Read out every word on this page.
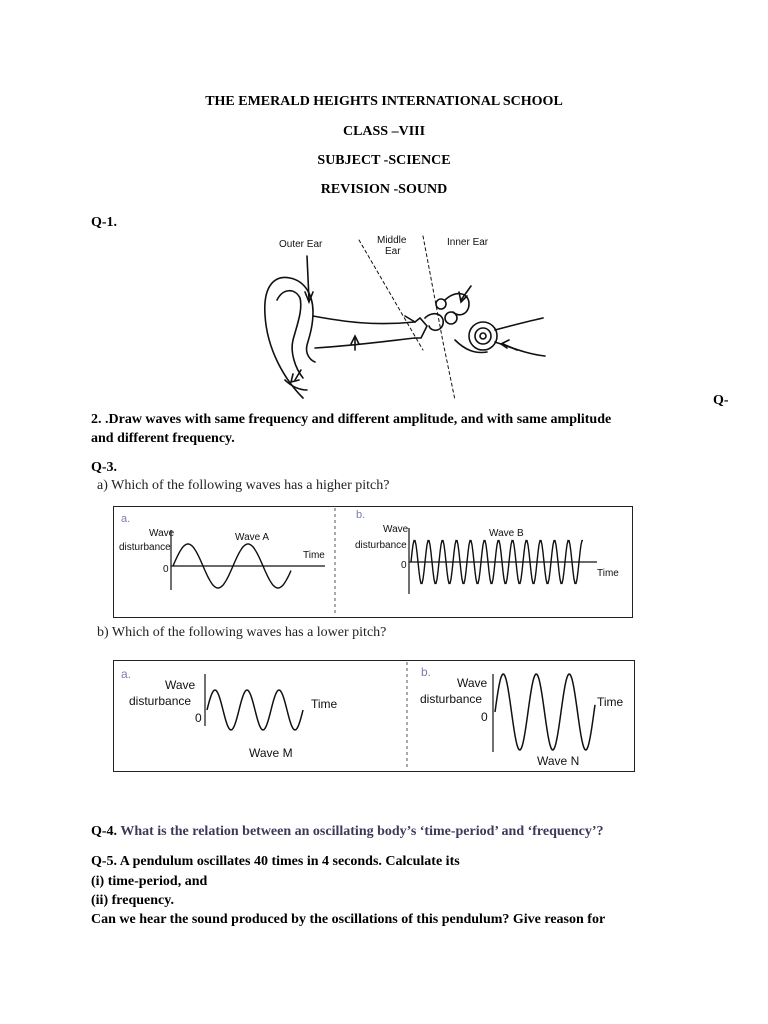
THE EMERALD HEIGHTS INTERNATIONAL SCHOOL
CLASS –VIII
SUBJECT -SCIENCE
REVISION -SOUND
Q-1.
Outer Ear	Middle
Ear
Inner Ear
Q-
2. .Draw waves with same frequency and different amplitude, and with same amplitude
and different frequency.
Q-3.
a) Which of the following waves has a higher pitch?
a.
Wave
disturbance
0
Wave A
Time
b.
Wave
disturbance
0
Wave B
Time
b) Which of the following waves has a lower pitch?
a.
Wave
disturbance
0
Wave M
Time
b.
Wave
disturbance
0
Wave N
Time
Q-4. What is the relation between an oscillating body’s ‘time-period’ and ‘frequency’?
Q-5. A pendulum oscillates 40 times in 4 seconds. Calculate its
(i) time-period, and
(ii) frequency.
Can we hear the sound produced by the oscillations of this pendulum? Give reason for
